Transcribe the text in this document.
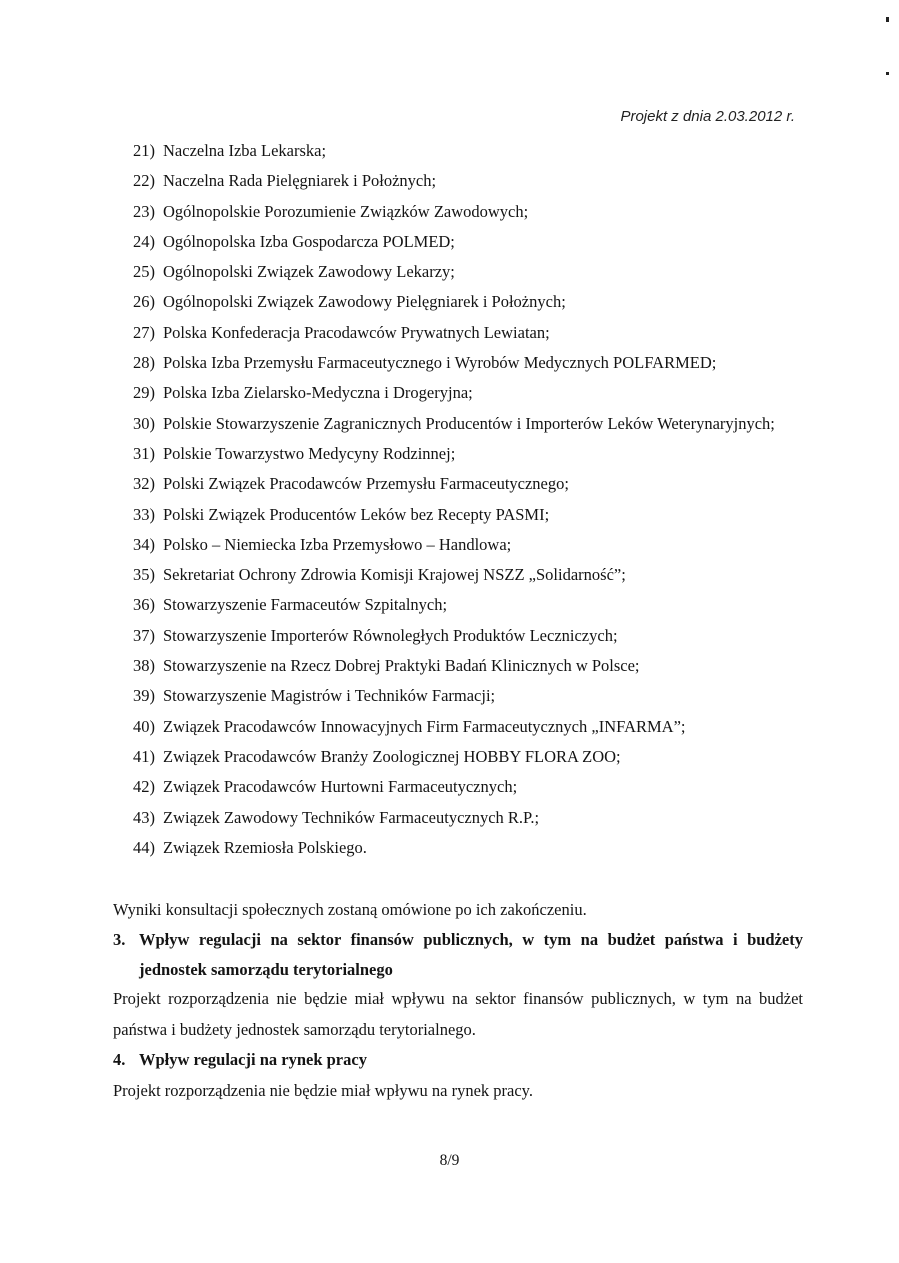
Projekt z dnia 2.03.2012 r.
21) Naczelna Izba Lekarska;
22) Naczelna Rada Pielęgniarek i Położnych;
23) Ogólnopolskie Porozumienie Związków Zawodowych;
24) Ogólnopolska Izba Gospodarcza POLMED;
25) Ogólnopolski Związek Zawodowy Lekarzy;
26) Ogólnopolski Związek Zawodowy Pielęgniarek i Położnych;
27) Polska Konfederacja Pracodawców Prywatnych Lewiatan;
28) Polska Izba Przemysłu Farmaceutycznego i Wyrobów Medycznych POLFARMED;
29) Polska Izba Zielarsko-Medyczna i Drogeryjna;
30) Polskie Stowarzyszenie Zagranicznych Producentów i Importerów Leków Weterynaryjnych;
31) Polskie Towarzystwo Medycyny Rodzinnej;
32) Polski Związek Pracodawców Przemysłu Farmaceutycznego;
33) Polski Związek Producentów Leków bez Recepty PASMI;
34) Polsko – Niemiecka Izba Przemysłowo – Handlowa;
35) Sekretariat Ochrony Zdrowia Komisji Krajowej NSZZ „Solidarność”;
36) Stowarzyszenie Farmaceutów Szpitalnych;
37) Stowarzyszenie Importerów Równoległych Produktów Leczniczych;
38) Stowarzyszenie na Rzecz Dobrej Praktyki Badań Klinicznych w Polsce;
39) Stowarzyszenie Magistrów i Techników Farmacji;
40) Związek Pracodawców Innowacyjnych Firm Farmaceutycznych „INFARMA”;
41) Związek Pracodawców Branży Zoologicznej HOBBY FLORA ZOO;
42) Związek Pracodawców Hurtowni Farmaceutycznych;
43) Związek Zawodowy Techników Farmaceutycznych R.P.;
44) Związek Rzemiosła Polskiego.
Wyniki konsultacji społecznych zostaną omówione po ich zakończeniu.
3. Wpływ regulacji na sektor finansów publicznych, w tym na budżet państwa i budżety
jednostek samorządu terytorialnego
Projekt rozporządzenia nie będzie miał wpływu na sektor finansów publicznych, w tym na budżet
państwa i budżety jednostek samorządu terytorialnego.
4. Wpływ regulacji na rynek pracy
Projekt rozporządzenia nie będzie miał wpływu na rynek pracy.
8/9
